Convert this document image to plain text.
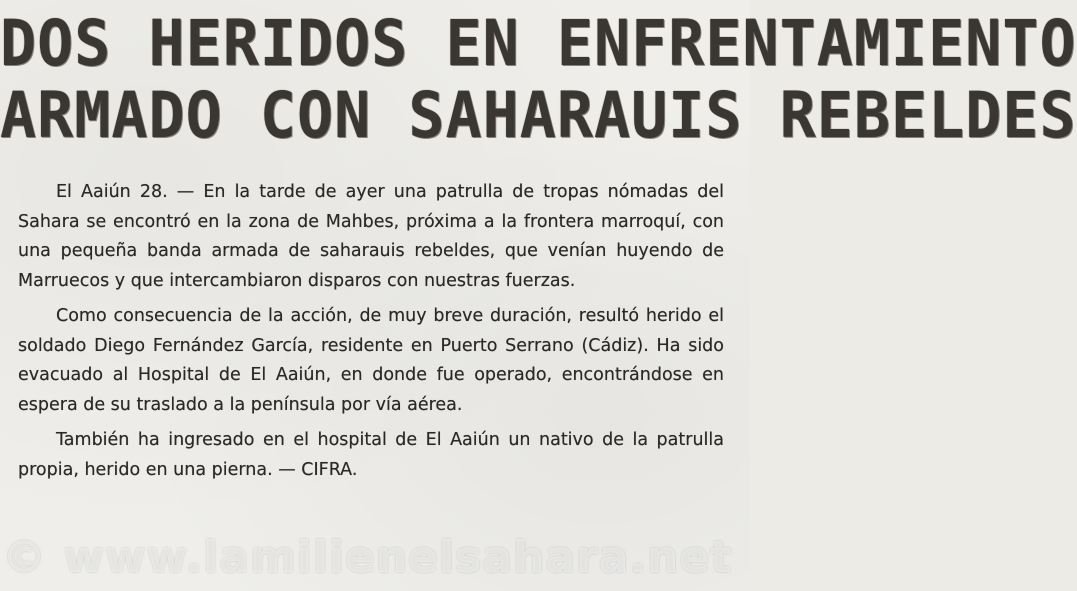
DOS HERIDOS EN ENFRENTAMIENTO
ARMADO CON SAHARAUIS REBELDES

El Aaiún 28. — En la tarde de ayer una patrulla de tropas nómadas del Sahara se encontró en la zona de Mahbes, próxima a la frontera marroquí, con una pequeña banda armada de saharauis rebeldes, que venían huyendo de Marruecos y que intercambiaron disparos con nuestras fuerzas.

Como consecuencia de la acción, de muy breve duración, resultó herido el soldado Diego Fernández García, residente en Puerto Serrano (Cádiz). Ha sido evacuado al Hospital de El Aaiún, en donde fue operado, encontrándose en espera de su traslado a la península por vía aérea.

También ha ingresado en el hospital de El Aaiún un nativo de la patrulla propia, herido en una pierna. — CIFRA.

© www.lamilienelsahara.net
